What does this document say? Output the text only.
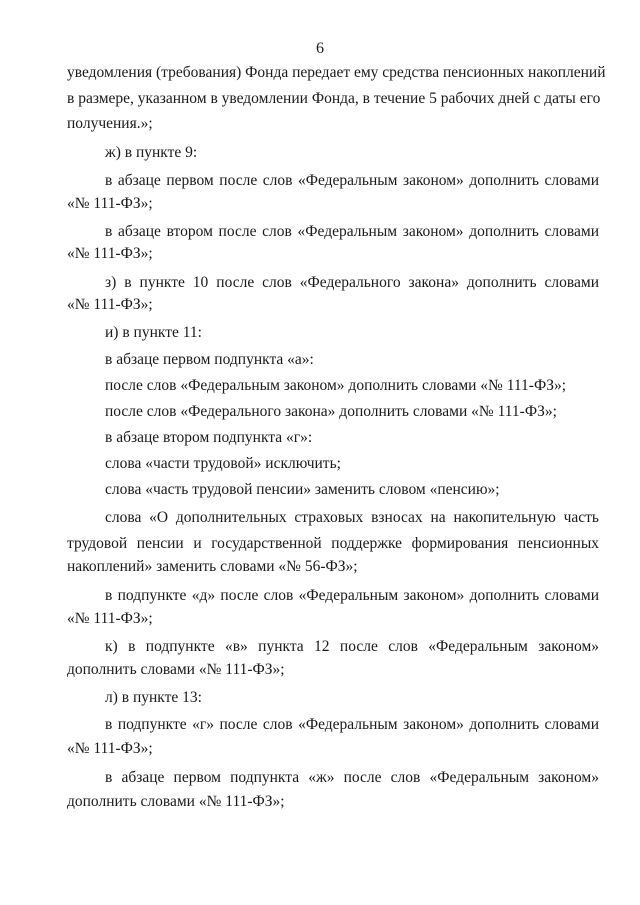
6
уведомления (требования) Фонда передает ему средства пенсионных накоплений
в размере, указанном в уведомлении Фонда, в течение 5 рабочих дней с даты его
получения.»;
ж) в пункте 9:
в абзаце первом после слов «Федеральным законом» дополнить словами
«№ 111-ФЗ»;
в абзаце втором после слов «Федеральным законом» дополнить словами
«№ 111-ФЗ»;
з) в пункте 10 после слов «Федерального закона» дополнить словами
«№ 111-ФЗ»;
и) в пункте 11:
в абзаце первом подпункта «а»:
после слов «Федеральным законом» дополнить словами «№ 111-ФЗ»;
после слов «Федерального закона» дополнить словами «№ 111-ФЗ»;
в абзаце втором подпункта «г»:
слова «части трудовой» исключить;
слова «часть трудовой пенсии» заменить словом «пенсию»;
слова «О дополнительных страховых взносах на накопительную часть
трудовой пенсии и государственной поддержке формирования пенсионных
накоплений» заменить словами «№ 56-ФЗ»;
в подпункте «д» после слов «Федеральным законом» дополнить словами
«№ 111-ФЗ»;
к) в подпункте «в» пункта 12 после слов «Федеральным законом»
дополнить словами «№ 111-ФЗ»;
л) в пункте 13:
в подпункте «г» после слов «Федеральным законом» дополнить словами
«№ 111-ФЗ»;
в абзаце первом подпункта «ж» после слов «Федеральным законом»
дополнить словами «№ 111-ФЗ»;
